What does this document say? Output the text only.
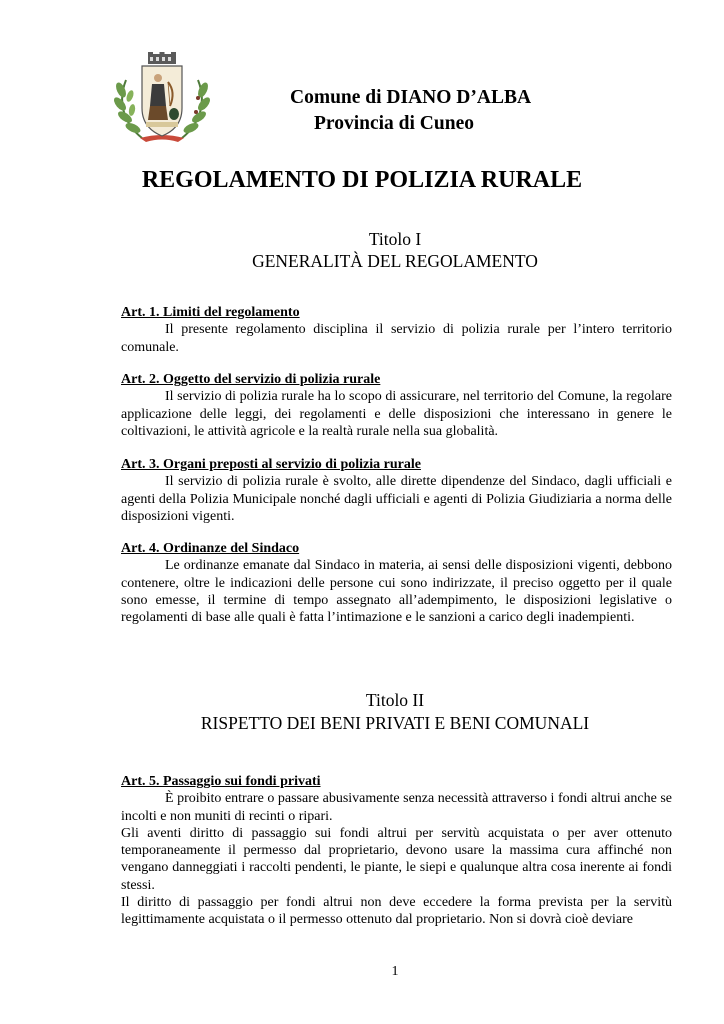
Comune di DIANO D’ALBA
Provincia di Cuneo
REGOLAMENTO DI POLIZIA RURALE
Titolo I
GENERALITÀ DEL REGOLAMENTO
Art. 1. Limiti del regolamento

Il presente regolamento disciplina il servizio di polizia rurale per l’intero territorio comunale.

Art. 2. Oggetto del servizio di polizia rurale

Il servizio di polizia rurale ha lo scopo di assicurare, nel territorio del Comune, la regolare applicazione delle leggi, dei regolamenti e delle disposizioni che interessano in genere le coltivazioni, le attività agricole e la realtà rurale nella sua globalità.

Art. 3. Organi preposti al servizio di polizia rurale

Il servizio di polizia rurale è svolto, alle dirette dipendenze del Sindaco, dagli ufficiali e agenti della Polizia Municipale nonché dagli ufficiali e agenti di Polizia Giudiziaria a norma delle disposizioni vigenti.

Art. 4. Ordinanze del Sindaco

Le ordinanze emanate dal Sindaco in materia, ai sensi delle disposizioni vigenti, debbono contenere, oltre le indicazioni delle persone cui sono indirizzate, il preciso oggetto per il quale sono emesse, il termine di tempo assegnato all’adempimento, le disposizioni legislative o regolamenti di base alle quali è fatta l’intimazione e le sanzioni a carico degli inadempienti.

Titolo II
RISPETTO DEI BENI PRIVATI E BENI COMUNALI
Art. 5. Passaggio sui fondi privati

È proibito entrare o passare abusivamente senza necessità attraverso i fondi altrui anche se incolti e non muniti di recinti o ripari.

Gli aventi diritto di passaggio sui fondi altrui per servitù acquistata o per aver ottenuto temporaneamente il permesso dal proprietario, devono usare la massima cura affinché non vengano danneggiati i raccolti pendenti, le piante, le siepi e qualunque altra cosa inerente ai fondi stessi.

Il diritto di passaggio per fondi altrui non deve eccedere la forma prevista per la servitù legittimamente acquistata o il permesso ottenuto dal proprietario. Non si dovrà cioè deviare

1
